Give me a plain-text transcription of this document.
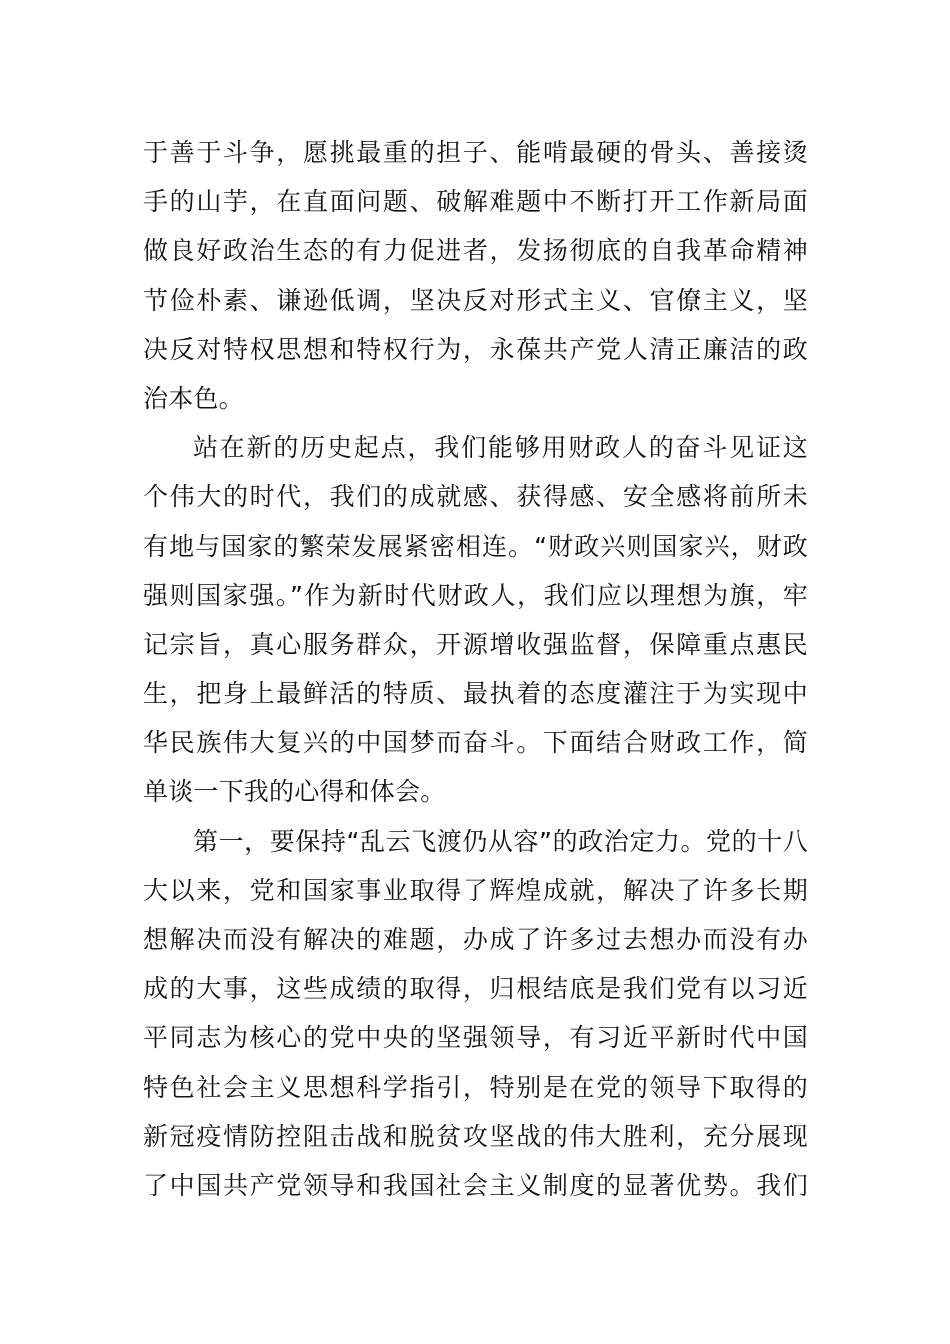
于善于斗争，愿挑最重的担子、能啃最硬的骨头、善接烫
手的山芋，在直面问题、破解难题中不断打开工作新局面
做良好政治生态的有力促进者，发扬彻底的自我革命精神
节俭朴素、谦逊低调，坚决反对形式主义、官僚主义，坚
决反对特权思想和特权行为，永葆共产党人清正廉洁的政
治本色。
站在新的历史起点，我们能够用财政人的奋斗见证这
个伟大的时代，我们的成就感、获得感、安全感将前所未
有地与国家的繁荣发展紧密相连。“财政兴则国家兴，财政
强则国家强。”作为新时代财政人，我们应以理想为旗，牢
记宗旨，真心服务群众，开源增收强监督，保障重点惠民
生，把身上最鲜活的特质、最执着的态度灌注于为实现中
华民族伟大复兴的中国梦而奋斗。下面结合财政工作，简
单谈一下我的心得和体会。
第一，要保持“乱云飞渡仍从容”的政治定力。党的十八
大以来，党和国家事业取得了辉煌成就，解决了许多长期
想解决而没有解决的难题，办成了许多过去想办而没有办
成的大事，这些成绩的取得，归根结底是我们党有以习近
平同志为核心的党中央的坚强领导，有习近平新时代中国
特色社会主义思想科学指引，特别是在党的领导下取得的
新冠疫情防控阻击战和脱贫攻坚战的伟大胜利，充分展现
了中国共产党领导和我国社会主义制度的显著优势。我们
